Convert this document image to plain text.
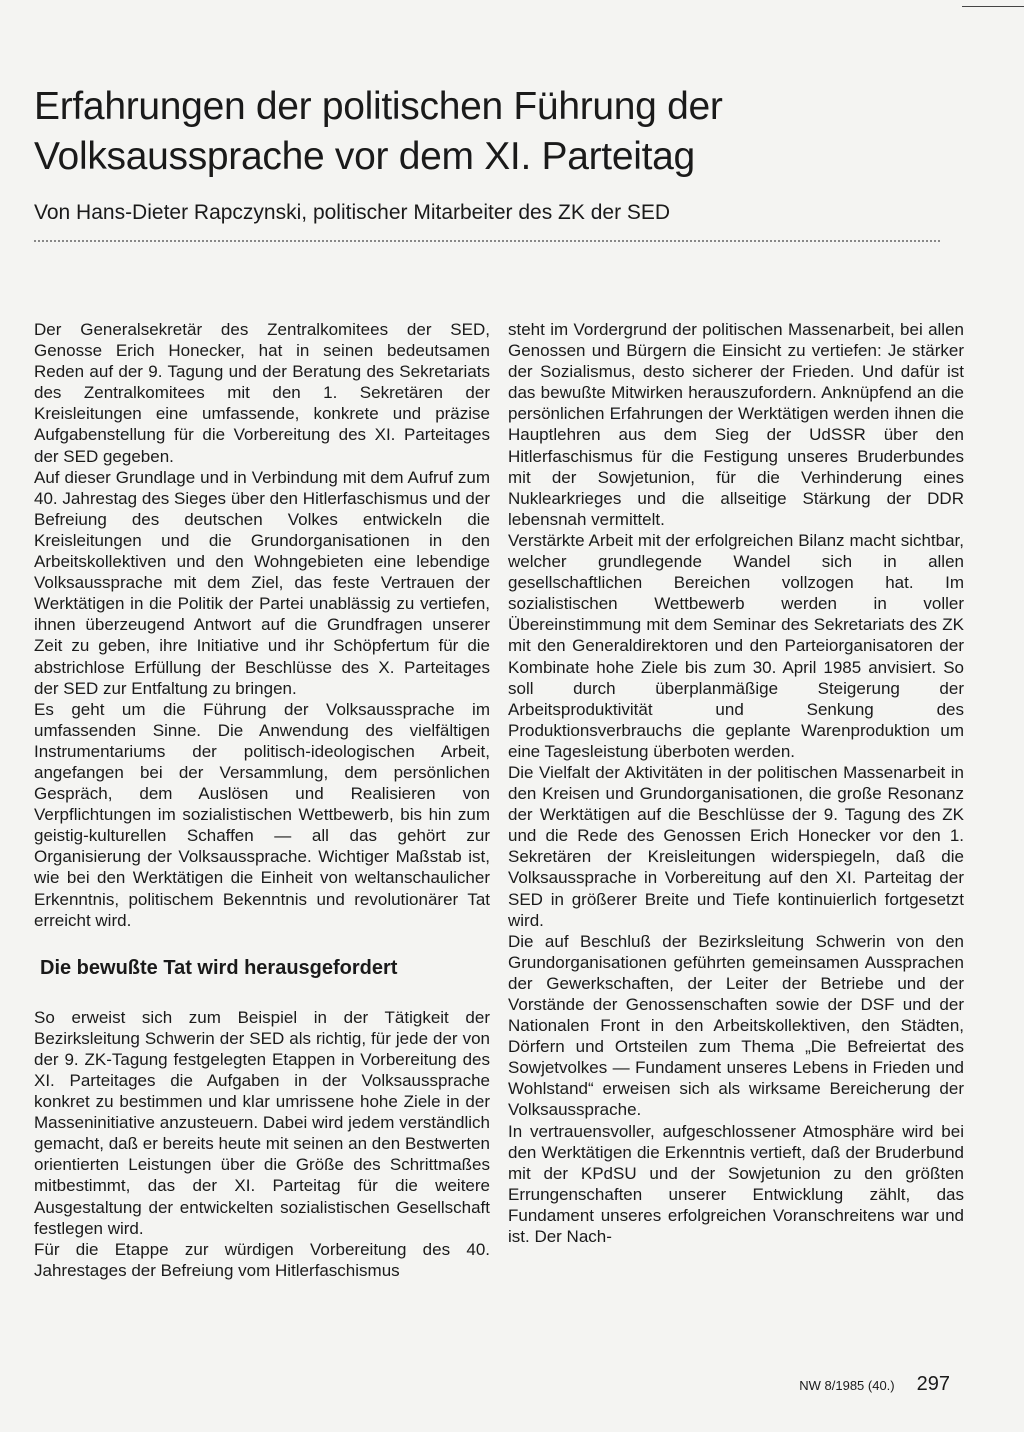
Erfahrungen der politischen Führung der
Volksaussprache vor dem XI. Parteitag

Von Hans-Dieter Rapczynski, politischer Mitarbeiter des ZK der SED

Der Generalsekretär des Zentralkomitees der SED, Genosse Erich Honecker, hat in seinen bedeutsamen Reden auf der 9. Tagung und der Beratung des Sekretariats des Zentralkomitees mit den 1. Sekretären der Kreisleitungen eine umfassende, konkrete und präzise Aufgabenstellung für die Vorbereitung des XI. Parteitages der SED gegeben.

Auf dieser Grundlage und in Verbindung mit dem Aufruf zum 40. Jahrestag des Sieges über den Hitlerfaschismus und der Befreiung des deutschen Volkes entwickeln die Kreisleitungen und die Grundorganisationen in den Arbeitskollektiven und den Wohngebieten eine lebendige Volksaussprache mit dem Ziel, das feste Vertrauen der Werktätigen in die Politik der Partei unablässig zu vertiefen, ihnen überzeugend Antwort auf die Grundfragen unserer Zeit zu geben, ihre Initiative und ihr Schöpfertum für die abstrichlose Erfüllung der Beschlüsse des X. Parteitages der SED zur Entfaltung zu bringen.

Es geht um die Führung der Volksaussprache im umfassenden Sinne. Die Anwendung des vielfältigen Instrumentariums der politisch-ideologischen Arbeit, angefangen bei der Versammlung, dem persönlichen Gespräch, dem Auslösen und Realisieren von Verpflichtungen im sozialistischen Wettbewerb, bis hin zum geistig-kulturellen Schaffen — all das gehört zur Organisierung der Volksaussprache. Wichtiger Maßstab ist, wie bei den Werktätigen die Einheit von weltanschaulicher Erkenntnis, politischem Bekenntnis und revolutionärer Tat erreicht wird.

Die bewußte Tat wird herausgefordert

So erweist sich zum Beispiel in der Tätigkeit der Bezirksleitung Schwerin der SED als richtig, für jede der von der 9. ZK-Tagung festgelegten Etappen in Vorbereitung des XI. Parteitages die Aufgaben in der Volksaussprache konkret zu bestimmen und klar umrissene hohe Ziele in der Masseninitiative anzusteuern. Dabei wird jedem verständlich gemacht, daß er bereits heute mit seinen an den Bestwerten orientierten Leistungen über die Größe des Schrittmaßes mitbestimmt, das der XI. Parteitag für die weitere Ausgestaltung der entwickelten sozialistischen Gesellschaft festlegen wird.

Für die Etappe zur würdigen Vorbereitung des 40. Jahrestages der Befreiung vom Hitlerfaschismus

steht im Vordergrund der politischen Massenarbeit, bei allen Genossen und Bürgern die Einsicht zu vertiefen: Je stärker der Sozialismus, desto sicherer der Frieden. Und dafür ist das bewußte Mitwirken herauszufordern. Anknüpfend an die persönlichen Erfahrungen der Werktätigen werden ihnen die Hauptlehren aus dem Sieg der UdSSR über den Hitlerfaschismus für die Festigung unseres Bruderbundes mit der Sowjetunion, für die Verhinderung eines Nuklearkrieges und die allseitige Stärkung der DDR lebensnah vermittelt.

Verstärkte Arbeit mit der erfolgreichen Bilanz macht sichtbar, welcher grundlegende Wandel sich in allen gesellschaftlichen Bereichen vollzogen hat. Im sozialistischen Wettbewerb werden in voller Übereinstimmung mit dem Seminar des Sekretariats des ZK mit den Generaldirektoren und den Parteiorganisatoren der Kombinate hohe Ziele bis zum 30. April 1985 anvisiert. So soll durch überplanmäßige Steigerung der Arbeitsproduktivität und Senkung des Produktionsverbrauchs die geplante Warenproduktion um eine Tagesleistung überboten werden.

Die Vielfalt der Aktivitäten in der politischen Massenarbeit in den Kreisen und Grundorganisationen, die große Resonanz der Werktätigen auf die Beschlüsse der 9. Tagung des ZK und die Rede des Genossen Erich Honecker vor den 1. Sekretären der Kreisleitungen widerspiegeln, daß die Volksaussprache in Vorbereitung auf den XI. Parteitag der SED in größerer Breite und Tiefe kontinuierlich fortgesetzt wird.

Die auf Beschluß der Bezirksleitung Schwerin von den Grundorganisationen geführten gemeinsamen Aussprachen der Gewerkschaften, der Leiter der Betriebe und der Vorstände der Genossenschaften sowie der DSF und der Nationalen Front in den Arbeitskollektiven, den Städten, Dörfern und Ortsteilen zum Thema „Die Befreiertat des Sowjetvolkes — Fundament unseres Lebens in Frieden und Wohlstand“ erweisen sich als wirksame Bereicherung der Volksaussprache.

In vertrauensvoller, aufgeschlossener Atmosphäre wird bei den Werktätigen die Erkenntnis vertieft, daß der Bruderbund mit der KPdSU und der Sowjetunion zu den größten Errungenschaften unserer Entwicklung zählt, das Fundament unseres erfolgreichen Voranschreitens war und ist. Der Nach-

NW 8/1985 (40.) 297
